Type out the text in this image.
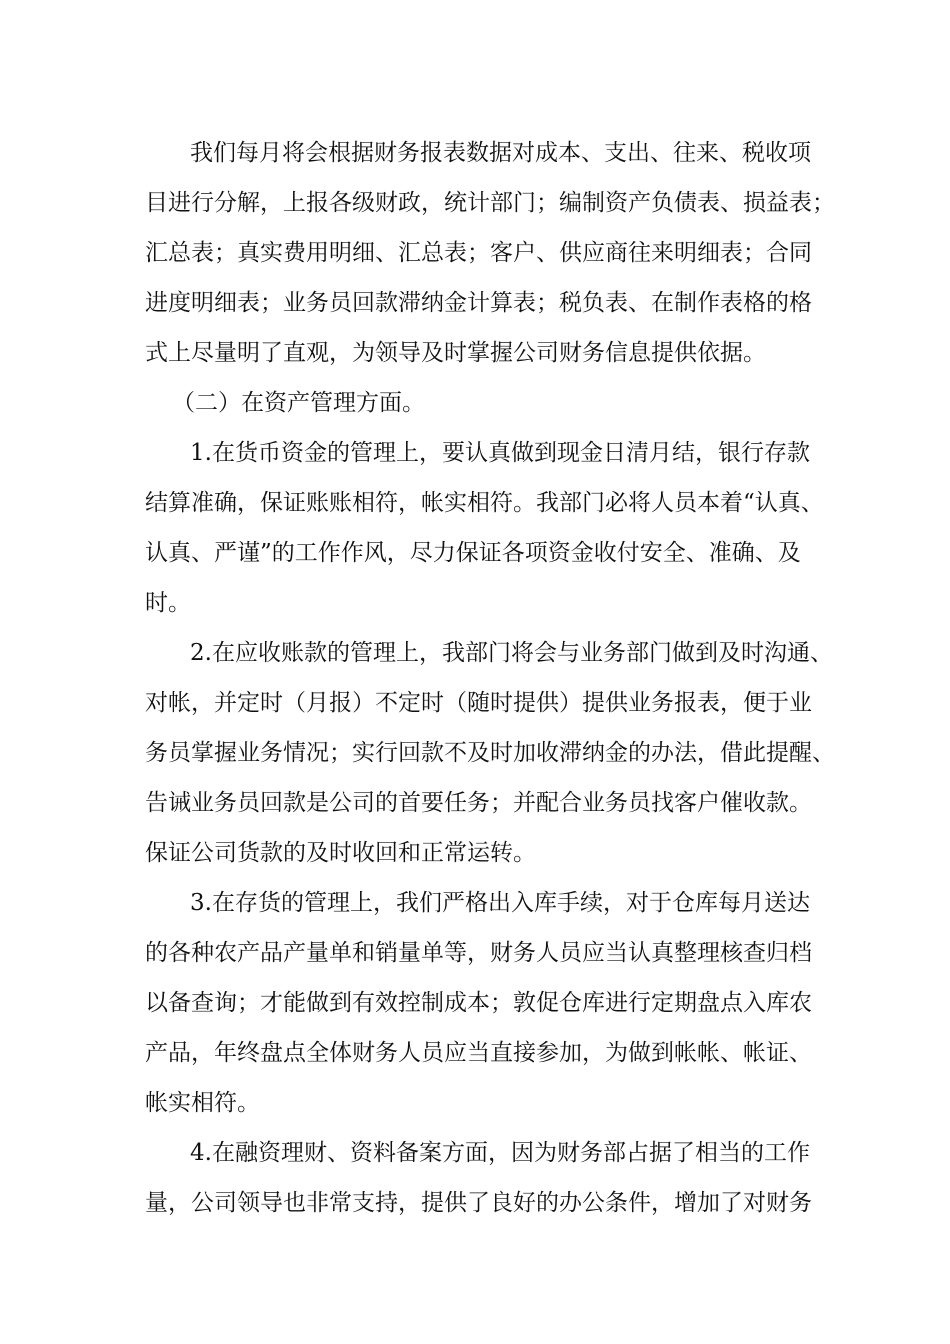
我们每月将会根据财务报表数据对成本、支出、往来、税收项
目进行分解，上报各级财政，统计部门；编制资产负债表、损益表；
汇总表；真实费用明细、汇总表；客户、供应商往来明细表；合同
进度明细表；业务员回款滞纳金计算表；税负表、在制作表格的格
式上尽量明了直观，为领导及时掌握公司财务信息提供依据。
（二）在资产管理方面。
1.在货币资金的管理上，要认真做到现金日清月结，银行存款
结算准确，保证账账相符，帐实相符。我部门必将人员本着“认真、
认真、严谨”的工作作风，尽力保证各项资金收付安全、准确、及
时。
2.在应收账款的管理上，我部门将会与业务部门做到及时沟通、
对帐，并定时（月报）不定时（随时提供）提供业务报表，便于业
务员掌握业务情况；实行回款不及时加收滞纳金的办法，借此提醒、
告诫业务员回款是公司的首要任务；并配合业务员找客户催收款。
保证公司货款的及时收回和正常运转。
3.在存货的管理上，我们严格出入库手续，对于仓库每月送达
的各种农产品产量单和销量单等，财务人员应当认真整理核查归档
以备查询；才能做到有效控制成本；敦促仓库进行定期盘点入库农
产品，年终盘点全体财务人员应当直接参加，为做到帐帐、帐证、
帐实相符。
4.在融资理财、资料备案方面，因为财务部占据了相当的工作
量，公司领导也非常支持，提供了良好的办公条件，增加了对财务
